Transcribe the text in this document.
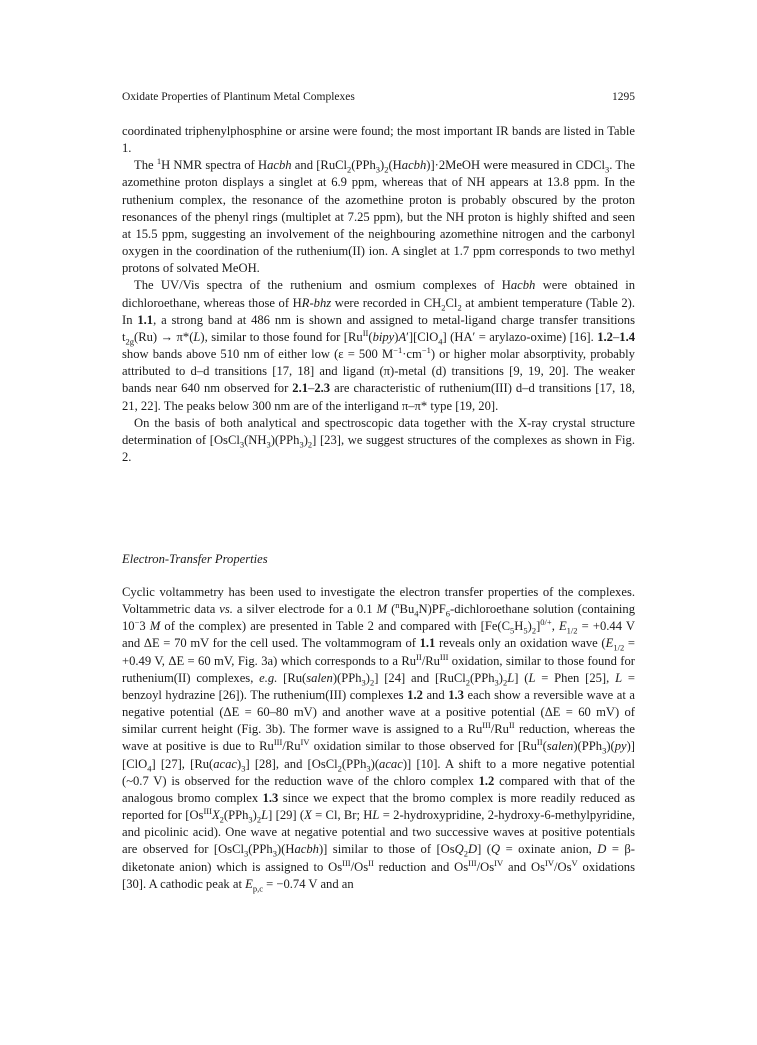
Oxidate Properties of Plantinum Metal Complexes	1295

coordinated triphenylphosphine or arsine were found; the most important IR bands are listed in Table 1.

The $^1$H NMR spectra of Hacbh and $[RuCl_2(PPh_3)_2(Hacbh)]\cdot 2MeOH$ were measured in CDCl$_3$. The azomethine proton displays a singlet at 6.9 ppm, whereas that of NH appears at 13.8 ppm. In the ruthenium complex, the resonance of the azomethine proton is probably obscured by the proton resonances of the phenyl rings (multiplet at 7.25 ppm), but the NH proton is highly shifted and seen at 15.5 ppm, suggesting an involvement of the neighbouring azomethine nitrogen and the carbonyl oxygen in the coordination of the ruthenium(II) ion. A singlet at 1.7 ppm corresponds to two methyl protons of solvated MeOH.

The UV/Vis spectra of the ruthenium and osmium complexes of Hacbh were obtained in dichloroethane, whereas those of HR-bhz were recorded in $CH_2Cl_2$ at ambient temperature (Table 2). In 1.1, a strong band at 486 nm is shown and assigned to metal-ligand charge transfer transitions $t_{2g}(Ru) \to \pi*(L)$, similar to those found for $[Ru^{II}(bipy)A'][ClO_4] (HA'$ = arylazo-oxime) [16]. 1.2–1.4 show bands above 510 nm of either low (ε = 500 $M^{-1}\cdot cm^{-1}$) or higher molar absorptivity, probably attributed to d–d transitions [17, 18] and ligand (π)-metal (d) transitions [9, 19, 20]. The weaker bands near 640 nm observed for 2.1–2.3 are characteristic of ruthenium(III) d–d transitions [17, 18, 21, 22]. The peaks below 300 nm are of the interligand π–π* type [19, 20].

On the basis of both analytical and spectroscopic data together with the X-ray crystal structure determination of $[OsCl_3(NH_3)(PPh_3)_2]$ [23], we suggest structures of the complexes as shown in Fig. 2.

Electron-Transfer Properties

Cyclic voltammetry has been used to investigate the electron transfer properties of the complexes. Voltammetric data vs. a silver electrode for a 0.1 M $(^nBu_4N)PF_6$-dichloroethane solution (containing 10−3 M of the complex) are presented in Table 2 and compared with $[Fe(C_5H_5)_2]^{0/+}$, $E_{1/2} = +0.44$ V and ΔE = 70 mV for the cell used. The voltammogram of 1.1 reveals only an oxidation wave ($E_{1/2} = +0.49$ V, ΔE = 60 mV, Fig. 3a) which corresponds to a $Ru^{II}/Ru^{III}$ oxidation, similar to those found for ruthenium(II) complexes, e.g. $[Ru(salen)(PPh_3)_2]$ [24] and $[RuCl_2(PPh_3)_2L] (L$ = Phen [25], L = benzoyl hydrazine [26]). The ruthenium(III) complexes 1.2 and 1.3 each show a reversible wave at a negative potential (ΔE = 60–80 mV) and another wave at a positive potential (ΔE = 60 mV) of similar current height (Fig. 3b). The former wave is assigned to a $Ru^{III}/Ru^{II}$ reduction, whereas the wave at positive is due to $Ru^{III}/Ru^{IV}$ oxidation similar to those observed for $[Ru^{II}(salen)(PPh_3)(py)]$ [ClO$_4$] [27], $[Ru(acac)_3]$ [28], and [OsCl$_2$(PPh$_3$)(acac)] [10]. A shift to a more negative potential (~0.7 V) is observed for the reduction wave of the chloro complex 1.2 compared with that of the analogous bromo complex 1.3 since we expect that the bromo complex is more readily reduced as reported for $[Os^{III}X_2(PPh_3)_2L]$ [29] (X = Cl, Br; HL = 2-hydroxypridine, 2-hydroxy-6-methylpyridine, and picolinic acid). One wave at negative potential and two successive waves at positive potentials are observed for [OsCl$_3$(PPh$_3$)(Hacbh)] similar to those of [OsQ$_2$D] (Q = oxinate anion, D = β-diketonate anion) which is assigned to $Os^{III}/Os^{II}$ reduction and $Os^{III}/Os^{IV}$ and $Os^{IV}/Os^V$ oxidations [30]. A cathodic peak at $E_{p,c} = -0.74$ V and an
